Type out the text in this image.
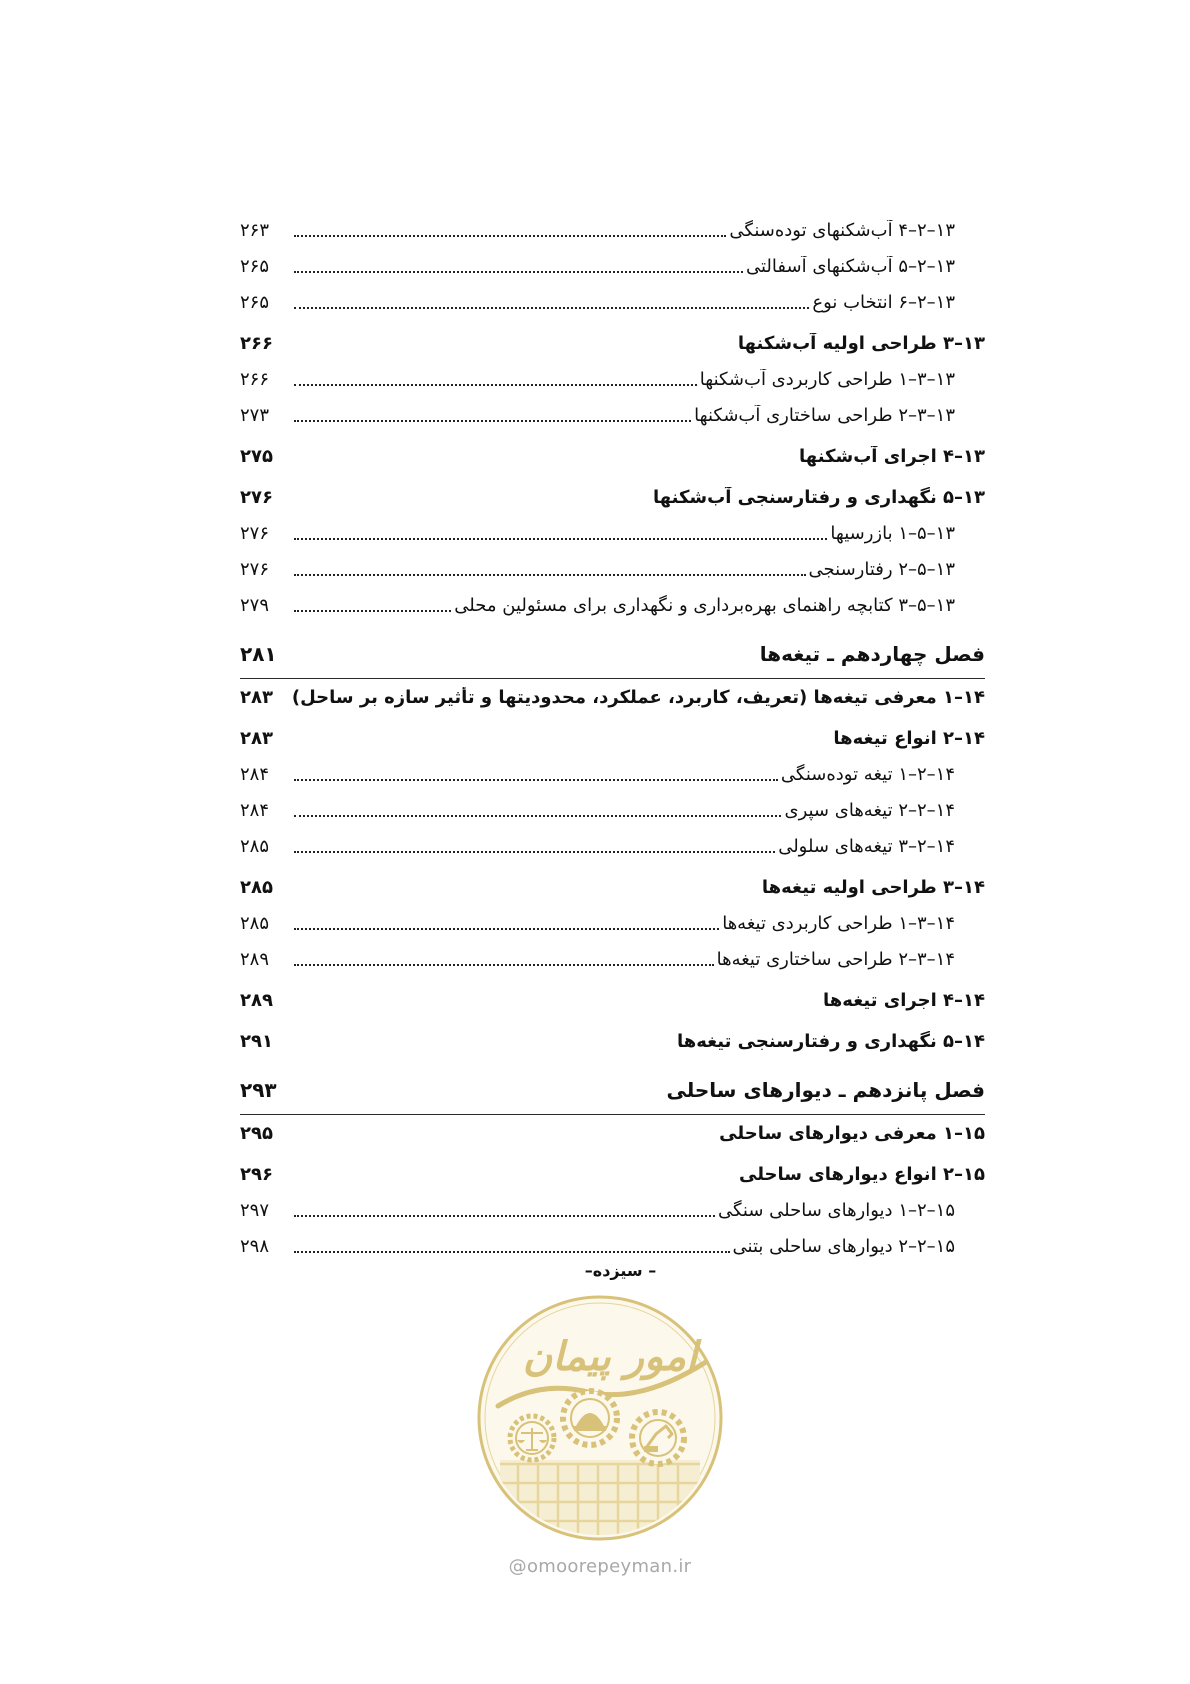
۱۳–۲–۴ آب‌شکنهای توده‌سنگی
۲۶۳
۱۳–۲–۵ آب‌شکنهای آسفالتی
۲۶۵
۱۳–۲–۶ انتخاب نوع
۲۶۵
۱۳–۳ طراحی اولیه آب‌شکنها
۲۶۶
۱۳–۳–۱ طراحی کاربردی آب‌شکنها
۲۶۶
۱۳–۳–۲ طراحی ساختاری آب‌شکنها
۲۷۳
۱۳–۴ اجرای آب‌شکنها
۲۷۵
۱۳–۵ نگهداری و رفتارسنجی آب‌شکنها
۲۷۶
۱۳–۵–۱ بازرسیها
۲۷۶
۱۳–۵–۲ رفتارسنجی
۲۷۶
۱۳–۵–۳ کتابچه راهنمای بهره‌برداری و نگهداری برای مسئولین محلی
۲۷۹
فصل چهاردهم ـ تیغه‌ها
۲۸۱
۱۴–۱ معرفی تیغه‌ها (تعریف، کاربرد، عملکرد، محدودیتها و تأثیر سازه بر ساحل)
۲۸۳
۱۴–۲ انواع تیغه‌ها
۲۸۳
۱۴–۲–۱ تیغه توده‌سنگی
۲۸۴
۱۴–۲–۲ تیغه‌های سپری
۲۸۴
۱۴–۲–۳ تیغه‌های سلولی
۲۸۵
۱۴–۳ طراحی اولیه تیغه‌ها
۲۸۵
۱۴–۳–۱ طراحی کاربردی تیغه‌ها
۲۸۵
۱۴–۳–۲ طراحی ساختاری تیغه‌ها
۲۸۹
۱۴–۴ اجرای تیغه‌ها
۲۸۹
۱۴–۵ نگهداری و رفتارسنجی تیغه‌ها
۲۹۱
فصل پانزدهم ـ دیوارهای ساحلی
۲۹۳
۱۵–۱ معرفی دیوارهای ساحلی
۲۹۵
۱۵–۲ انواع دیوارهای ساحلی
۲۹۶
۱۵–۲–۱ دیوارهای ساحلی سنگی
۲۹۷
۱۵–۲–۲ دیوارهای ساحلی بتنی
۲۹۸
– سیزده–
امور پیمان
@omoorepeyman.ir
